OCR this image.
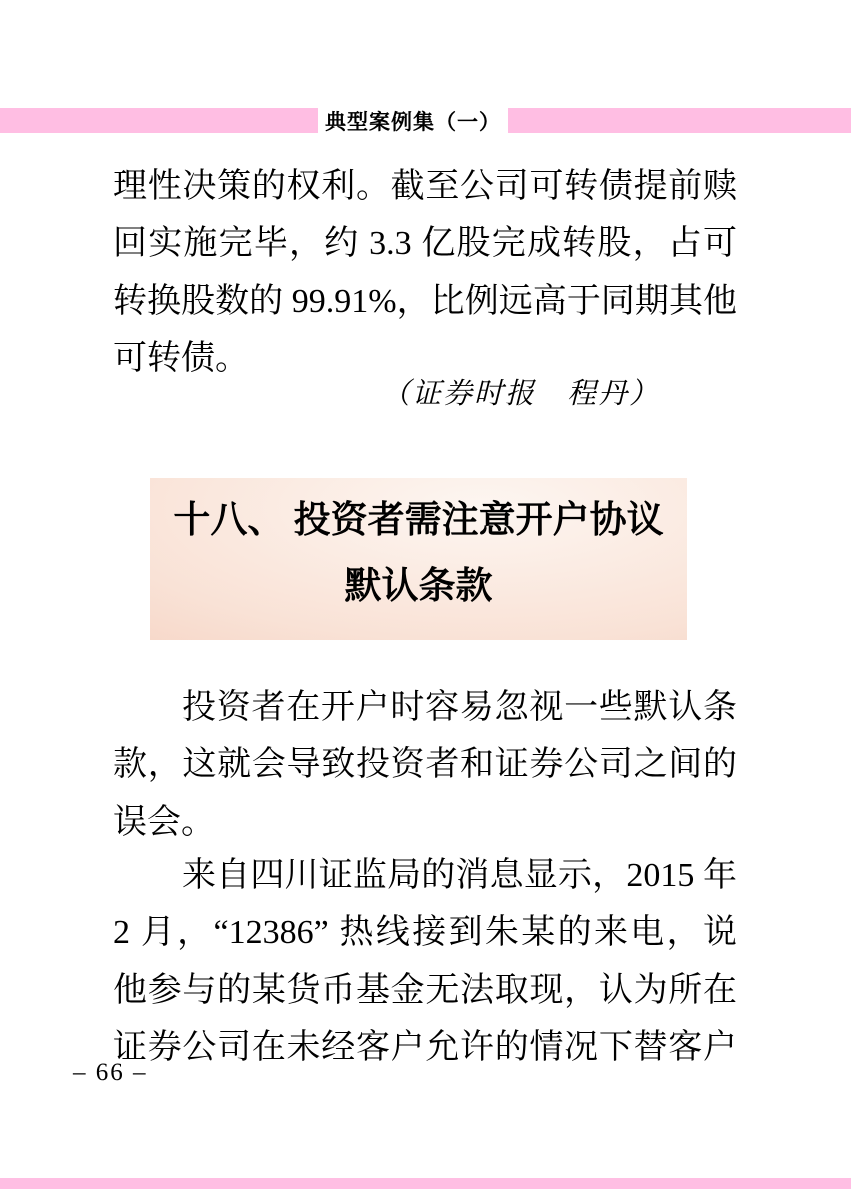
典型案例集（一）
理性决策的权利。截至公司可转债提前赎
回实施完毕，约 3.3 亿股完成转股，占可
转换股数的 99.91%，比例远高于同期其他
可转债。
（证券时报　程丹）
十八、 投资者需注意开户协议
默认条款
投资者在开户时容易忽视一些默认条
款，这就会导致投资者和证券公司之间的
误会。
来自四川证监局的消息显示，2015 年
2 月，“12386” 热线接到朱某的来电，说
他参与的某货币基金无法取现，认为所在
证券公司在未经客户允许的情况下替客户
– 66 –
